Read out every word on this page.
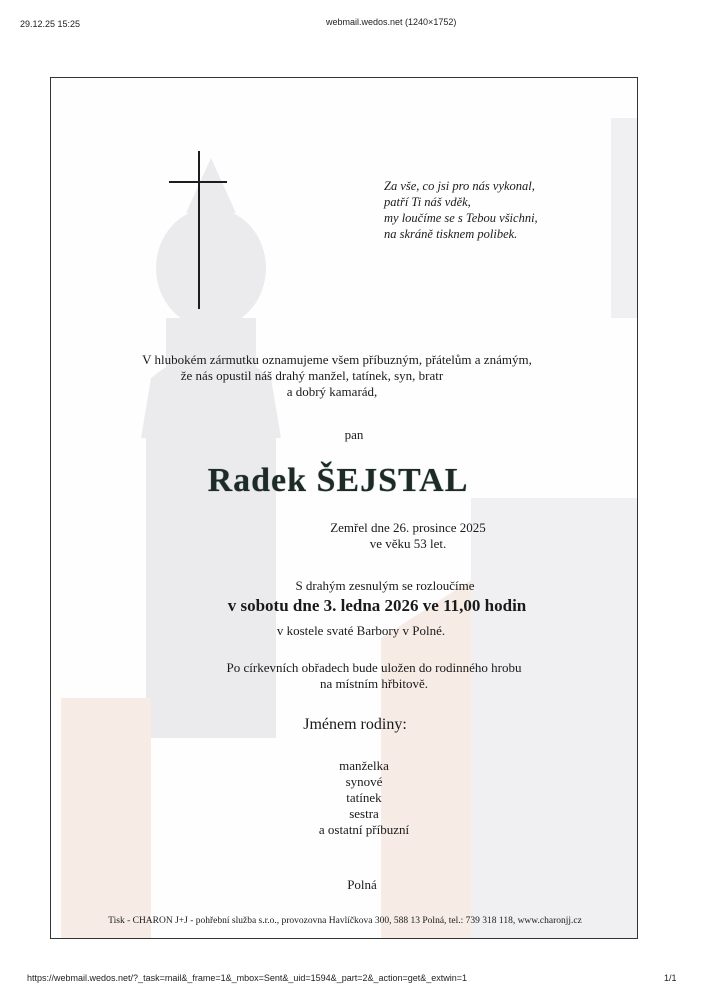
29.12.25 15:25	webmail.wedos.net (1240×1752)
Za vše, co jsi pro nás vykonal,
patří Ti náš vděk,
my loučíme se s Tebou všichni,
na skráně tisknem polibek.
V hlubokém zármutku oznamujeme všem příbuzným, přátelům a známým,
že nás opustil náš drahý manžel, tatínek, syn, bratr
a dobrý kamarád,
pan
Radek ŠEJSTAL
Zemřel dne 26. prosince 2025
ve věku 53 let.
S drahým zesnulým se rozloučíme
v sobotu dne 3. ledna 2026 ve 11,00 hodin
v kostele svaté Barbory v Polné.
Po církevních obřadech bude uložen do rodinného hrobu
na místním hřbitově.
Jménem rodiny:
manželka
synové
tatínek
sestra
a ostatní příbuzní
Polná
Tisk - CHARON J+J - pohřební služba s.r.o., provozovna Havlíčkova 300, 588 13 Polná, tel.: 739 318 118, www.charonjj.cz
https://webmail.wedos.net/?_task=mail&_frame=1&_mbox=Sent&_uid=1594&_part=2&_action=get&_extwin=1	1/1
